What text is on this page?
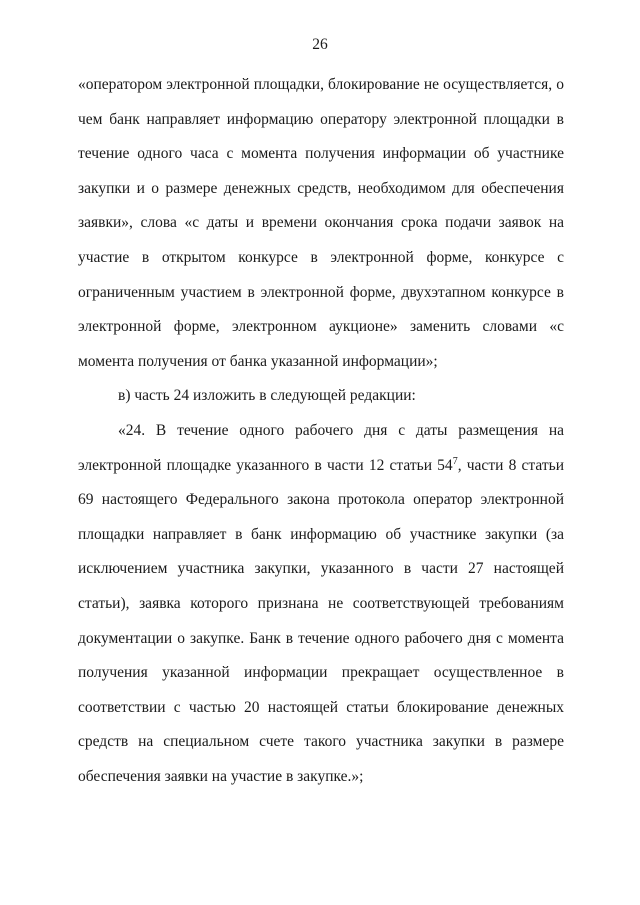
26

«оператором электронной площадки, блокирование не осуществляется, о чем банк направляет информацию оператору электронной площадки в течение одного часа с момента получения информации об участнике закупки и о размере денежных средств, необходимом для обеспечения заявки», слова «с даты и времени окончания срока подачи заявок на участие в открытом конкурсе в электронной форме, конкурсе с ограниченным участием в электронной форме, двухэтапном конкурсе в электронной форме, электронном аукционе» заменить словами «с момента получения от банка указанной информации»;

в) часть 24 изложить в следующей редакции:

«24. В течение одного рабочего дня с даты размещения на электронной площадке указанного в части 12 статьи $54^7$, части 8 статьи 69 настоящего Федерального закона протокола оператор электронной площадки направляет в банк информацию об участнике закупки (за исключением участника закупки, указанного в части 27 настоящей статьи), заявка которого признана не соответствующей требованиям документации о закупке. Банк в течение одного рабочего дня с момента получения указанной информации прекращает осуществленное в соответствии с частью 20 настоящей статьи блокирование денежных средств на специальном счете такого участника закупки в размере обеспечения заявки на участие в закупке.»;
